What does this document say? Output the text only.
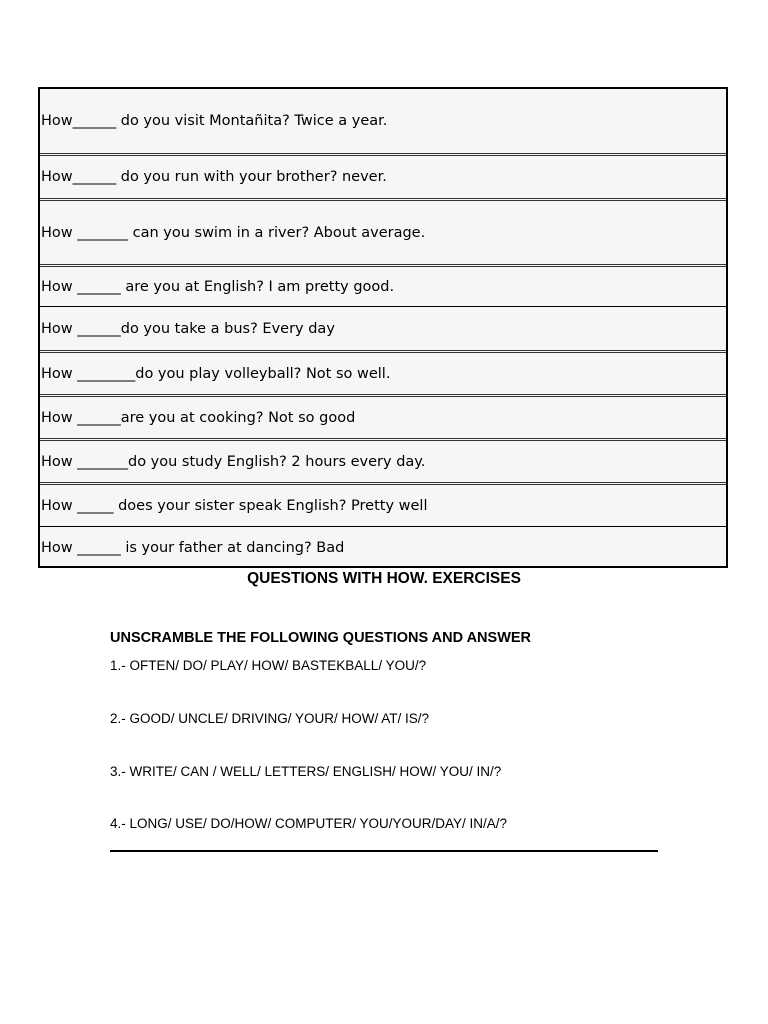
How______ do you visit Montañita? Twice a year.
How______ do you run with your brother? never.
How _______ can you swim in a river? About average.
How ______ are you at English? I am pretty good.
How ______do you take a bus? Every day
How ________do you play volleyball? Not so well.
How ______are you at cooking? Not so good
How _______do you study English? 2 hours every day.
How _____ does your sister speak English? Pretty well
How ______ is your father at dancing? Bad
QUESTIONS WITH HOW. EXERCISES
UNSCRAMBLE THE FOLLOWING QUESTIONS AND ANSWER
1.- OFTEN/ DO/ PLAY/ HOW/ BASTEKBALL/ YOU/?
2.- GOOD/ UNCLE/ DRIVING/ YOUR/ HOW/ AT/ IS/?
3.- WRITE/ CAN / WELL/ LETTERS/ ENGLISH/ HOW/ YOU/ IN/?
4.- LONG/ USE/ DO/HOW/ COMPUTER/ YOU/YOUR/DAY/ IN/A/?
